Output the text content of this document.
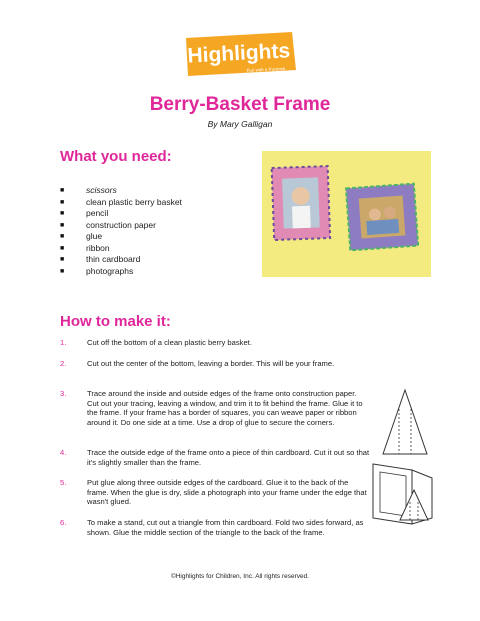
Highlights
Fun with a Purpose
Berry-Basket Frame
By Mary Galligan
What you need:
■	scissors
■	clean plastic berry basket
■	pencil
■	construction paper
■	glue
■	ribbon
■	thin cardboard
■	photographs
How to make it:
1.	Cut off the bottom of a clean plastic berry basket.
2.	Cut out the center of the bottom, leaving a border. This will be your frame.
3.	Trace around the inside and outside edges of the frame onto construction paper. Cut out your tracing, leaving a window, and trim it to fit behind the frame. Glue it to the frame. If your frame has a border of squares, you can weave paper or ribbon around it. Do one side at a time. Use a drop of glue to secure the corners.
4.	Trace the outside edge of the frame onto a piece of thin cardboard. Cut it out so that it's slightly smaller than the frame.
5.	Put glue along three outside edges of the cardboard. Glue it to the back of the frame. When the glue is dry, slide a photograph into your frame under the edge that wasn't glued.
6.	To make a stand, cut out a triangle from thin cardboard. Fold two sides forward, as shown. Glue the middle section of the triangle to the back of the frame.
©Highlights for Children, Inc. All rights reserved.
